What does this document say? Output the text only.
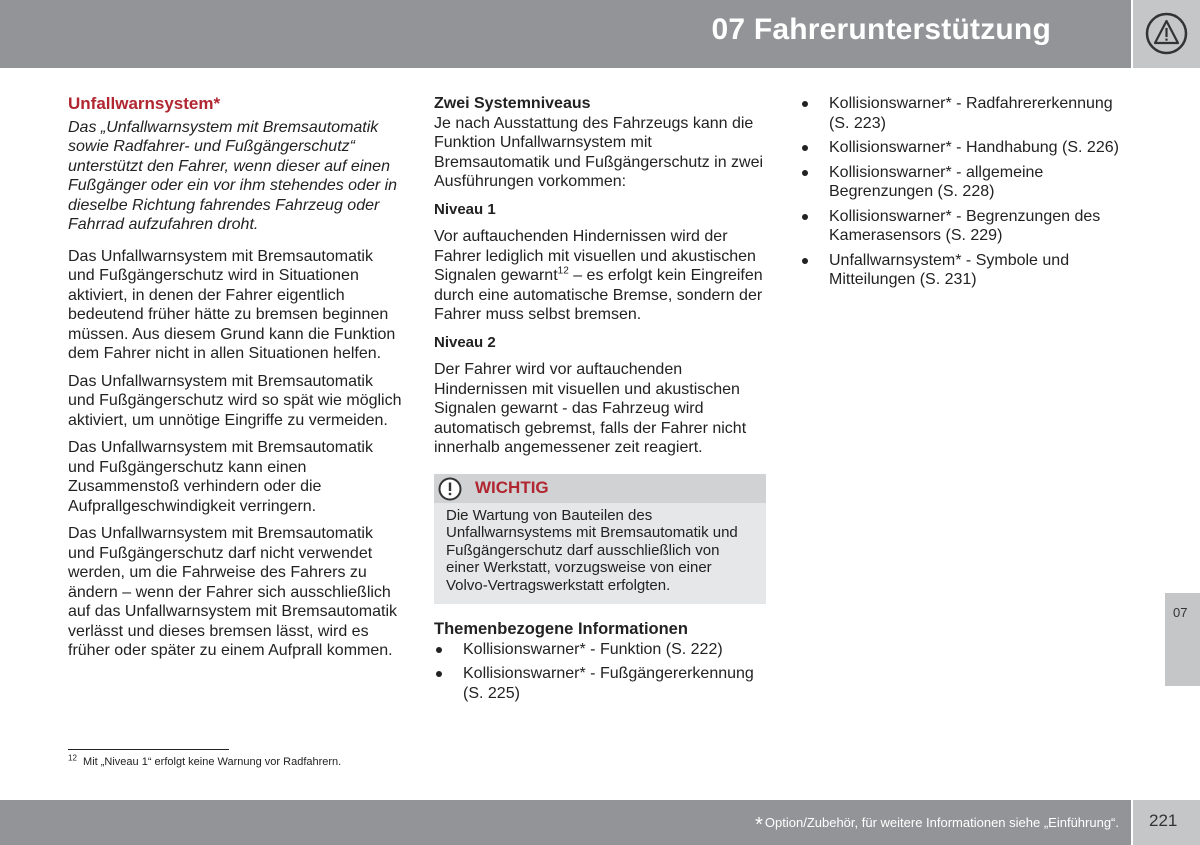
07 Fahrerunterstützung
Unfallwarnsystem*

Das „Unfallwarnsystem mit Bremsautomatik sowie Radfahrer- und Fußgängerschutz“ unterstützt den Fahrer, wenn dieser auf einen Fußgänger oder ein vor ihm stehendes oder in dieselbe Richtung fahrendes Fahrzeug oder Fahrrad aufzufahren droht.

Das Unfallwarnsystem mit Bremsautomatik und Fußgängerschutz wird in Situationen aktiviert, in denen der Fahrer eigentlich bedeutend früher hätte zu bremsen beginnen müssen. Aus diesem Grund kann die Funktion dem Fahrer nicht in allen Situationen helfen.

Das Unfallwarnsystem mit Bremsautomatik und Fußgängerschutz wird so spät wie möglich aktiviert, um unnötige Eingriffe zu vermeiden.

Das Unfallwarnsystem mit Bremsautomatik und Fußgängerschutz kann einen Zusammenstoß verhindern oder die Aufprallgeschwindigkeit verringern.

Das Unfallwarnsystem mit Bremsautomatik und Fußgängerschutz darf nicht verwendet werden, um die Fahrweise des Fahrers zu ändern – wenn der Fahrer sich ausschließlich auf das Unfallwarnsystem mit Bremsautomatik verlässt und dieses bremsen lässt, wird es früher oder später zu einem Aufprall kommen.

Zwei Systemniveaus

Je nach Ausstattung des Fahrzeugs kann die Funktion Unfallwarnsystem mit Bremsautomatik und Fußgängerschutz in zwei Ausführungen vorkommen:

Niveau 1

Vor auftauchenden Hindernissen wird der Fahrer lediglich mit visuellen und akustischen Signalen gewarnt$^{12}$ – es erfolgt kein Eingreifen durch eine automatische Bremse, sondern der Fahrer muss selbst bremsen.

Niveau 2

Der Fahrer wird vor auftauchenden Hindernissen mit visuellen und akustischen Signalen gewarnt - das Fahrzeug wird automatisch gebremst, falls der Fahrer nicht innerhalb angemessener zeit reagiert.

WICHTIG
Die Wartung von Bauteilen des Unfallwarnsystems mit Bremsautomatik und Fußgängerschutz darf ausschließlich von einer Werkstatt, vorzugsweise von einer Volvo-Vertragswerkstatt erfolgten.
Themenbezogene Informationen
Kollisionswarner* - Funktion (S. 222)
Kollisionswarner* - Fußgängererkennung (S. 225)
Kollisionswarner* - Radfahrererkennung (S. 223)
Kollisionswarner* - Handhabung (S. 226)
Kollisionswarner* - allgemeine Begrenzungen (S. 228)
Kollisionswarner* - Begrenzungen des Kamerasensors (S. 229)
Unfallwarnsystem* - Symbole und Mitteilungen (S. 231)
$^{12}$ Mit „Niveau 1“ erfolgt keine Warnung vor Radfahrern.
07
* Option/Zubehör, für weitere Informationen siehe „Einführung“. 221
